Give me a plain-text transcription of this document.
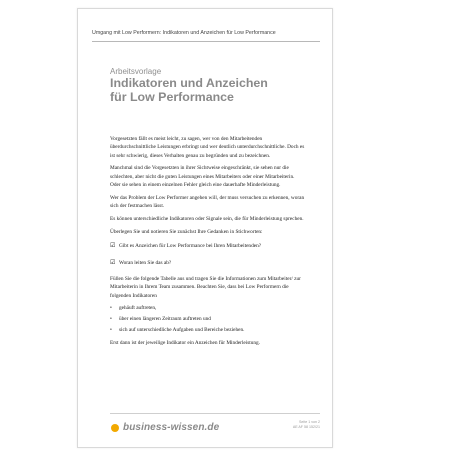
Umgang mit Low Performern: Indikatoren und Anzeichen für Low Performance
Arbeitsvorlage
Indikatoren und Anzeichen
für Low Performance

Vorgesetzten fällt es meist leicht, zu sagen, wer von den Mitarbeitenden überdurchschnittliche Leistungen erbringt und wer deutlich unterdurchschnittliche. Doch es ist sehr schwierig, dieses Verhalten genau zu begründen und zu bezeichnen.

Manchmal sind die Vorgesetzten in ihrer Sichtweise eingeschränkt, sie sehen nur die schlechten, aber nicht die guten Leistungen eines Mitarbeiters oder einer Mitarbeiterin. Oder sie sehen in einem einzelnen Fehler gleich eine dauerhafte Minderleistung.

Wer das Problem der Low Performer angehen will, der muss versuchen zu erkennen, woran sich der festmachen lässt.

Es können unterschiedliche Indikatoren oder Signale sein, die für Minderleistung sprechen.

Überlegen Sie und notieren Sie zunächst Ihre Gedanken in Stichworten:

☑ Gibt es Anzeichen für Low Performance bei Ihren Mitarbeitenden?
☑ Woran leiten Sie das ab?

Füllen Sie die folgende Tabelle aus und tragen Sie die Informationen zum Mitarbeiter/ zur Mitarbeiterin in Ihrem Team zusammen. Beachten Sie, dass bei Low Performern die folgenden Indikatoren

•	gehäuft auftreten,
•	über einen längeren Zeitraum auftreten und
•	sich auf unterschiedliche Aufgaben und Bereiche beziehen.

Erst dann ist der jeweilige Indikator ein Anzeichen für Minderleistung.

business-wissen.de	Seite 1 von 2
AE AF 58 152/21
